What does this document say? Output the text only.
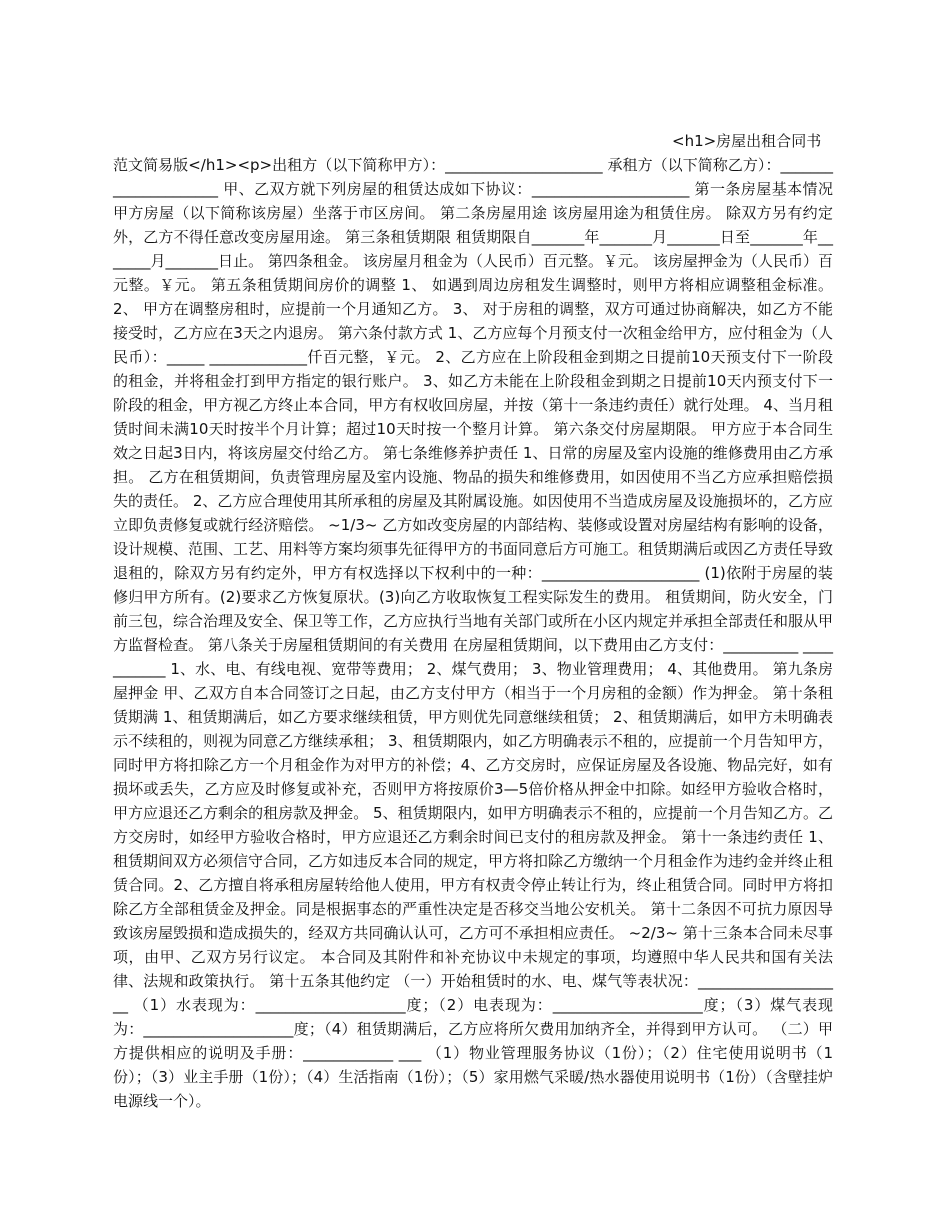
<h1>房屋出租合同书
范文简易版</h1><p>出租方（以下简称甲方）：_____________________ 承租方（以下简称乙方）：_____________________ 甲、乙双方就下列房屋的租赁达成如下协议：_____________________ 第一条房屋基本情况 甲方房屋（以下简称该房屋）坐落于市区房间。 第二条房屋用途 该房屋用途为租赁住房。 除双方另有约定外，乙方不得任意改变房屋用途。 第三条租赁期限 租赁期限自_______年_______月_______日至_______年_______月_______日止。 第四条租金。 该房屋月租金为（人民币）百元整。￥元。 该房屋押金为（人民币）百元整。￥元。 第五条租赁期间房价的调整 1、 如遇到周边房租发生调整时，则甲方将相应调整租金标准。 2、 甲方在调整房租时，应提前一个月通知乙方。 3、 对于房租的调整，双方可通过协商解决，如乙方不能接受时，乙方应在3天之内退房。 第六条付款方式 1、乙方应每个月预支付一次租金给甲方，应付租金为（人民币）：_____ _____________仟百元整，￥元。 2、乙方应在上阶段租金到期之日提前10天预支付下一阶段的租金，并将租金打到甲方指定的银行账户。 3、如乙方未能在上阶段租金到期之日提前10天内预支付下一阶段的租金，甲方视乙方终止本合同，甲方有权收回房屋，并按（第十一条违约责任）就行处理。 4、当月租赁时间未满10天时按半个月计算；超过10天时按一个整月计算。 第六条交付房屋期限。 甲方应于本合同生效之日起3日内，将该房屋交付给乙方。 第七条维修养护责任 1、日常的房屋及室内设施的维修费用由乙方承担。 乙方在租赁期间，负责管理房屋及室内设施、物品的损失和维修费用，如因使用不当乙方应承担赔偿损失的责任。 2、乙方应合理使用其所承租的房屋及其附属设施。如因使用不当造成房屋及设施损坏的，乙方应立即负责修复或就行经济赔偿。 ~1/3~ 乙方如改变房屋的内部结构、装修或设置对房屋结构有影响的设备，设计规模、范围、工艺、用料等方案均须事先征得甲方的书面同意后方可施工。租赁期满后或因乙方责任导致退租的，除双方另有约定外，甲方有权选择以下权利中的一种：_____________________ (1)依附于房屋的装修归甲方所有。(2)要求乙方恢复原状。(3)向乙方收取恢复工程实际发生的费用。 租赁期间，防火安全，门前三包，综合治理及安全、保卫等工作，乙方应执行当地有关部门或所在小区内规定并承担全部责任和服从甲方监督检查。 第八条关于房屋租赁期间的有关费用 在房屋租赁期间，以下费用由乙方支付：__________ ___________ 1、水、电、有线电视、宽带等费用； 2、煤气费用； 3、物业管理费用； 4、其他费用。 第九条房屋押金 甲、乙双方自本合同签订之日起，由乙方支付甲方（相当于一个月房租的金额）作为押金。 第十条租赁期满 1、租赁期满后，如乙方要求继续租赁，甲方则优先同意继续租赁； 2、租赁期满后，如甲方未明确表示不续租的，则视为同意乙方继续承租； 3、租赁期限内，如乙方明确表示不租的，应提前一个月告知甲方，同时甲方将扣除乙方一个月租金作为对甲方的补偿；4、乙方交房时，应保证房屋及各设施、物品完好，如有损坏或丢失，乙方应及时修复或补充，否则甲方将按原价3—5倍价格从押金中扣除。如经甲方验收合格时，甲方应退还乙方剩余的租房款及押金。 5、租赁期限内，如甲方明确表示不租的，应提前一个月告知乙方。乙方交房时，如经甲方验收合格时，甲方应退还乙方剩余时间已支付的租房款及押金。 第十一条违约责任 1、租赁期间双方必须信守合同，乙方如违反本合同的规定，甲方将扣除乙方缴纳一个月租金作为违约金并终止租赁合同。2、乙方擅自将承租房屋转给他人使用，甲方有权责令停止转让行为，终止租赁合同。同时甲方将扣除乙方全部租赁金及押金。同是根据事态的严重性决定是否移交当地公安机关。 第十二条因不可抗力原因导致该房屋毁损和造成损失的，经双方共同确认认可，乙方可不承担相应责任。 ~2/3~ 第十三条本合同未尽事项，由甲、乙双方另行议定。 本合同及其附件和补充协议中未规定的事项，均遵照中华人民共和国有关法律、法规和政策执行。 第十五条其他约定 （一）开始租赁时的水、电、煤气等表状况：____________________ （1）水表现为：____________________度；（2）电表现为：____________________度；（3）煤气表现为：____________________度；（4）租赁期满后，乙方应将所欠费用加纳齐全，并得到甲方认可。 （二）甲方提供相应的说明及手册：____________ ___ （1）物业管理服务协议（1份）；（2）住宅使用说明书（1份）；（3）业主手册（1份）；（4）生活指南（1份）；（5）家用燃气采暖/热水器使用说明书（1份）（含壁挂炉电源线一个）。
